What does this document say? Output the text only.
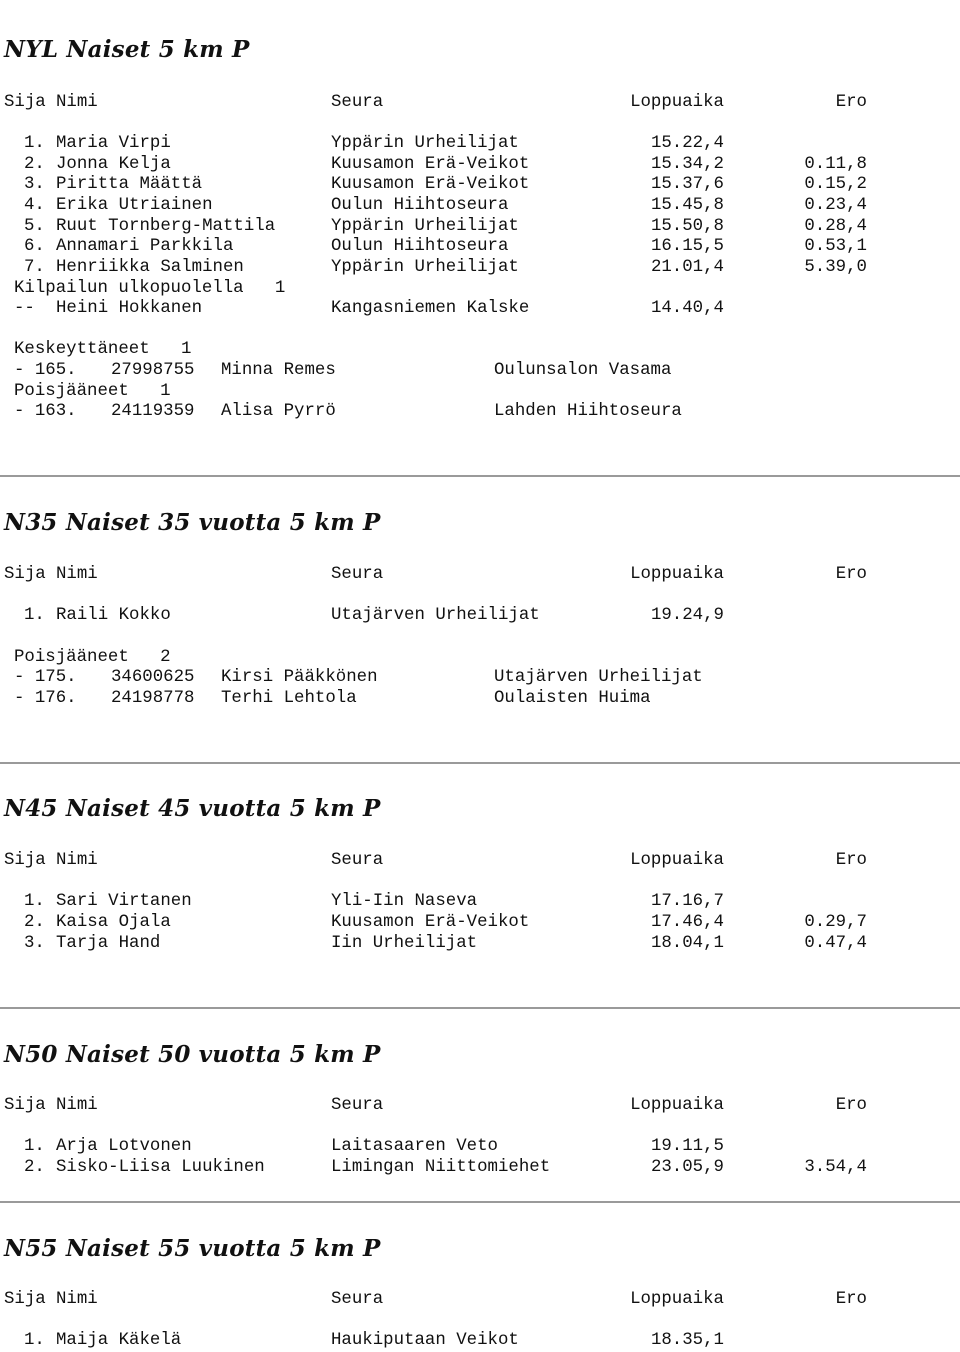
NYL Naiset 5 km P
Sija Nimi	Seura	Loppuaika	Ero
1. Maria Virpi	Yppärin Urheilijat	15.22,4
2. Jonna Kelja	Kuusamon Erä-Veikot	15.34,2	0.11,8
3. Piritta Määttä	Kuusamon Erä-Veikot	15.37,6	0.15,2
4. Erika Utriainen	Oulun Hiihtoseura	15.45,8	0.23,4
5. Ruut Tornberg-Mattila	Yppärin Urheilijat	15.50,8	0.28,4
6. Annamari Parkkila	Oulun Hiihtoseura	16.15,5	0.53,1
7. Henriikka Salminen	Yppärin Urheilijat	21.01,4	5.39,0
Kilpailun ulkopuolella   1
-- Heini Hokkanen	Kangasniemen Kalske	14.40,4
Keskeyttäneet   1
- 165. 27998755 Minna Remes	Oulunsalon Vasama
Poisjääneet   1
- 163. 24119359 Alisa Pyrrö	Lahden Hiihtoseura
N35 Naiset 35 vuotta 5 km P
Sija Nimi	Seura	Loppuaika	Ero
1. Raili Kokko	Utajärven Urheilijat	19.24,9
Poisjääneet   2
- 175. 34600625 Kirsi Pääkkönen	Utajärven Urheilijat
- 176. 24198778 Terhi Lehtola	Oulaisten Huima
N45 Naiset 45 vuotta 5 km P
Sija Nimi	Seura	Loppuaika	Ero
1. Sari Virtanen	Yli-Iin Naseva	17.16,7
2. Kaisa Ojala	Kuusamon Erä-Veikot	17.46,4	0.29,7
3. Tarja Hand	Iin Urheilijat	18.04,1	0.47,4
N50 Naiset 50 vuotta 5 km P
Sija Nimi	Seura	Loppuaika	Ero
1. Arja Lotvonen	Laitasaaren Veto	19.11,5
2. Sisko-Liisa Luukinen	Limingan Niittomiehet	23.05,9	3.54,4
N55 Naiset 55 vuotta 5 km P
Sija Nimi	Seura	Loppuaika	Ero
1. Maija Käkelä	Haukiputaan Veikot	18.35,1
